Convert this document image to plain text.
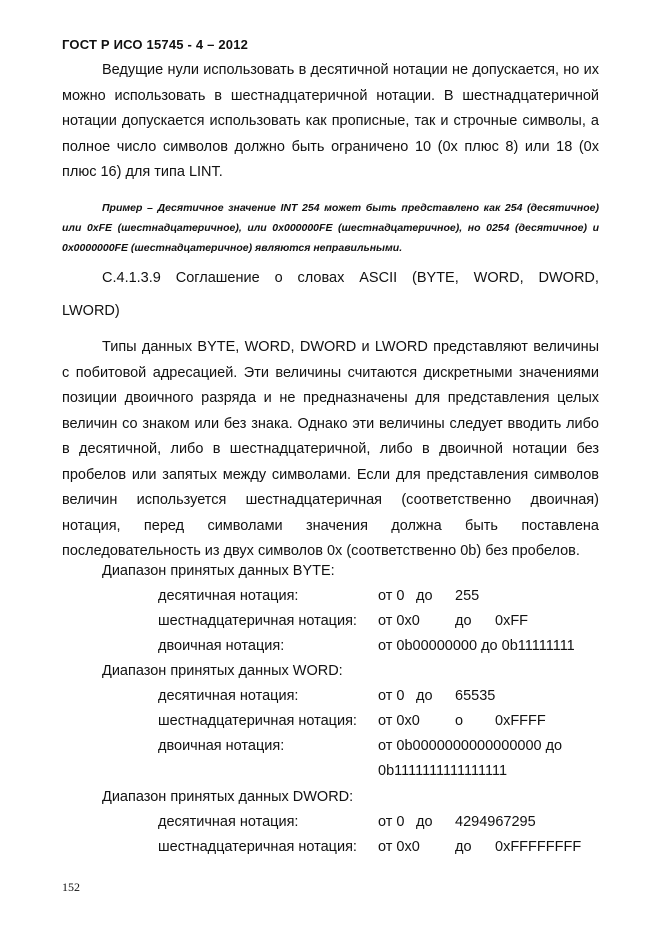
ГОСТ Р ИСО 15745 - 4 – 2012
Ведущие нули использовать в десятичной нотации не допускается, но их можно использовать в шестнадцатеричной нотации. В шестнадцатеричной нотации допускается использовать как прописные, так и строчные символы, а полное число символов должно быть ограничено 10 (0x плюс 8) или 18 (0x плюс 16) для типа LINT.
Пример – Десятичное значение INT 254 может быть представлено как 254 (десятичное) или 0xFE (шестнадцатеричное), или 0x000000FE (шестнадцатеричное), но 0254 (десятичное) и 0x0000000FE (шестнадцатеричное) являются неправильными.
С.4.1.3.9 Соглашение о словах ASCII (BYTE, WORD, DWORD,
LWORD)
Типы данных BYTE, WORD, DWORD и LWORD представляют величины с побитовой адресацией. Эти величины считаются дискретными значениями позиции двоичного разряда и не предназначены для представления целых величин со знаком или без знака. Однако эти величины следует вводить либо в десятичной, либо в шестнадцатеричной, либо в двоичной нотации без пробелов или запятых между символами. Если для представления символов величин используется шестнадцатеричная (соответственно двоичная) нотация, перед символами значения должна быть поставлена последовательность из двух символов 0x (соответственно 0b) без пробелов.
Диапазон принятых данных BYTE:
десятичная нотация:	от 0 до 255
шестнадцатеричная нотация: от 0x0 до 0xFF
двоичная нотация:	от 0b00000000 до 0b11111111
Диапазон принятых данных WORD:
десятичная нотация:	от 0 до 65535
шестнадцатеричная нотация: от 0x0 о 0xFFFF
двоичная нотация:	от 0b0000000000000000 до
0b1111111111111111
Диапазон принятых данных DWORD:
десятичная нотация:	от 0 до 4294967295
шестнадцатеричная нотация: от 0x0 до 0xFFFFFFFF
152
